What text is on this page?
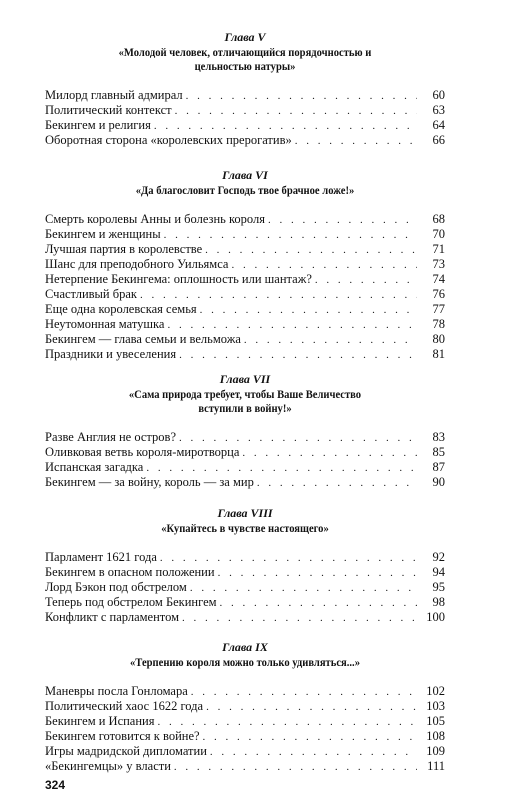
Глава V

«Молодой человек, отличающийся порядочностью и цельностью натуры»

Милорд главный адмирал . . .	60
Политический контекст . . .	63
Бекингем и религия . . .	64
Оборотная сторона «королевских прерогатив» . . .	66

Глава VI

«Да благословит Господь твое брачное ложе!»

Смерть королевы Анны и болезнь короля . . .	68
Бекингем и женщины . . .	70
Лучшая партия в королевстве . . .	71
Шанс для преподобного Уильямса . . .	73
Нетерпение Бекингема: оплошность или шантаж? . . .	74
Счастливый брак . . .	76
Еще одна королевская семья . . .	77
Неутомонная матушка . . .	78
Бекингем — глава семьи и вельможа . . .	80
Праздники и увеселения . . .	81

Глава VII

«Сама природа требует, чтобы Ваше Величество вступили в войну!»

Разве Англия не остров? . . .	83
Оливковая ветвь короля-миротворца . . .	85
Испанская загадка . . .	87
Бекингем — за войну, король — за мир . . .	90

Глава VIII

«Купайтесь в чувстве настоящего»

Парламент 1621 года . . .	92
Бекингем в опасном положении . . .	94
Лорд Бэкон под обстрелом . . .	95
Теперь под обстрелом Бекингем . . .	98
Конфликт с парламентом . . .	100

Глава IX

«Терпению короля можно только удивляться...»

Маневры посла Гонломара . . .	102
Политический хаос 1622 года . . .	103
Бекингем и Испания . . .	105
Бекингем готовится к войне? . . .	108
Игры мадридской дипломатии . . .	109
«Бекингемцы» у власти . . .	111
324
